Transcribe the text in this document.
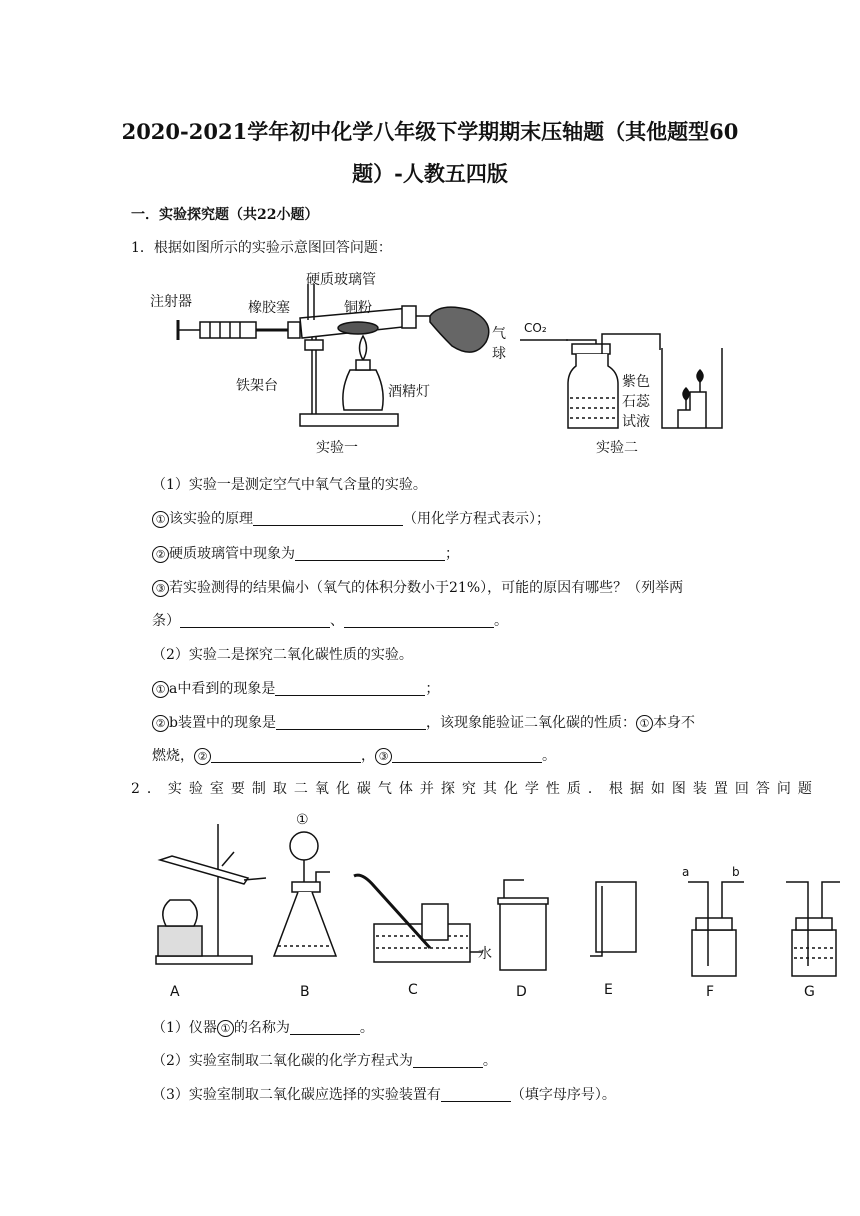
2020-2021学年初中化学八年级下学期期末压轴题（其他题型60
题）-人教五四版
一．实验探究题（共22小题）
1．根据如图所示的实验示意图回答问题：
注射器	橡胶塞
硬质玻璃管
铜粉
气
球
铁架台	酒精灯
实验一	实验二
CO₂
紫色
石蕊
试液
（1）实验一是测定空气中氧气含量的实验。
① 该实验的原理	（用化学方程式表示）；
② 硬质玻璃管中现象为	；
③ 若实验测得的结果偏小（氧气的体积分数小于21%），可能的原因有哪些？（列举两
条）	、	。
（2）实验二是探究二氧化碳性质的实验。
① a中看到的现象是	；
② b装置中的现象是	，该现象能验证二氧化碳的性质： ① 本身不
燃烧， ②	， ③	。
2．实验室要制取二氧化碳气体并探究其化学性质．根据如图装置回答问题
A	B	C	D	E	F	G
水
a	b
①
（1）仪器 ① 的名称为	。
（2）实验室制取二氧化碳的化学方程式为	。
（3）实验室制取二氧化碳应选择的实验装置有	（填字母序号）。
